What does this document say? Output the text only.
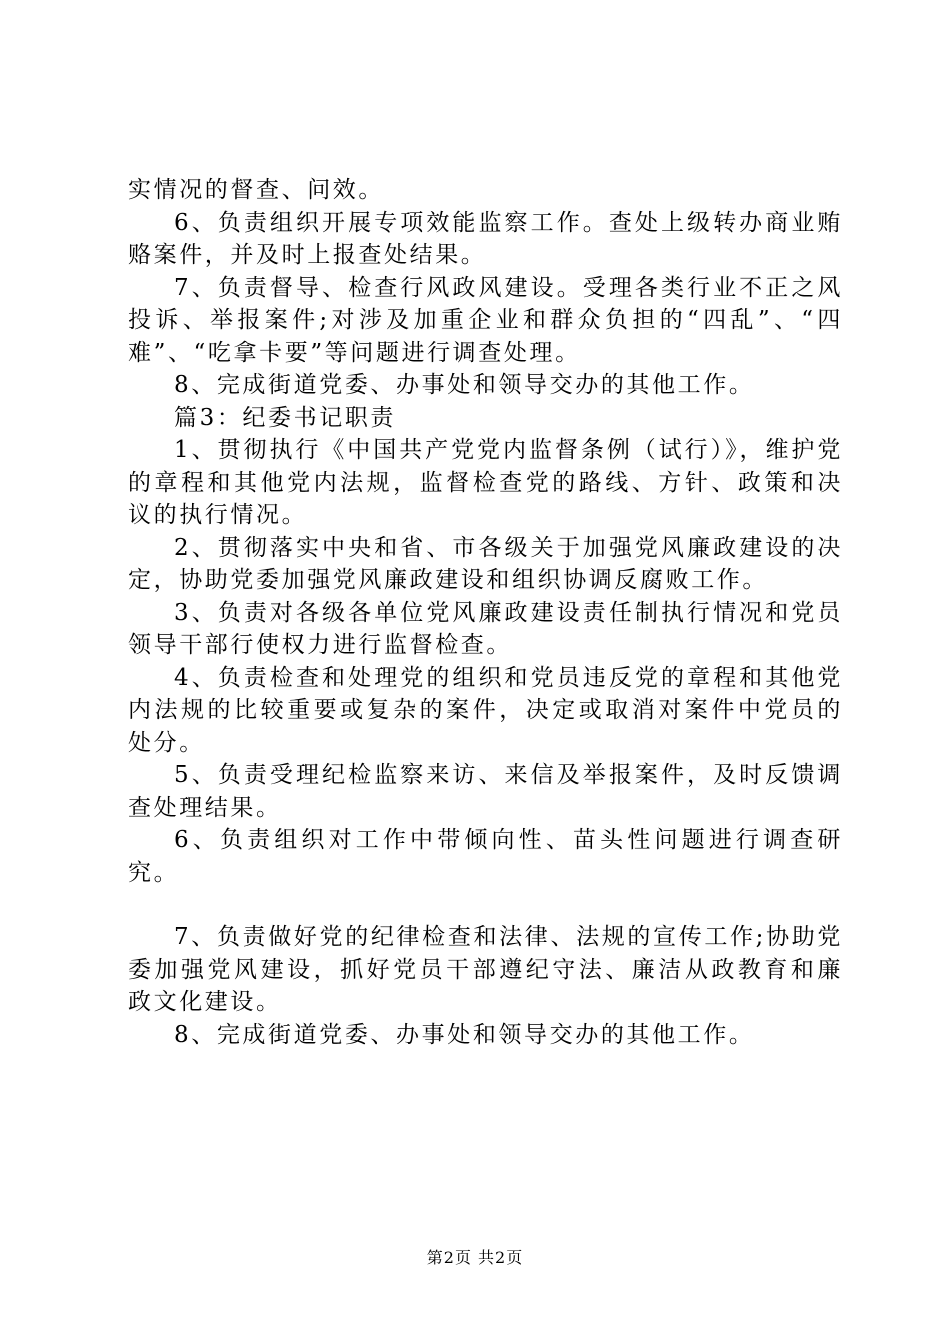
实情况的督查、问效。

6、负责组织开展专项效能监察工作。查处上级转办商业贿赂案件，并及时上报查处结果。

7、负责督导、检查行风政风建设。受理各类行业不正之风投诉、举报案件;对涉及加重企业和群众负担的“四乱”、“四难”、“吃拿卡要”等问题进行调查处理。

8、完成街道党委、办事处和领导交办的其他工作。

篇3：纪委书记职责

1、贯彻执行《中国共产党党内监督条例（试行）》，维护党的章程和其他党内法规，监督检查党的路线、方针、政策和决议的执行情况。

2、贯彻落实中央和省、市各级关于加强党风廉政建设的决定，协助党委加强党风廉政建设和组织协调反腐败工作。

3、负责对各级各单位党风廉政建设责任制执行情况和党员领导干部行使权力进行监督检查。

4、负责检查和处理党的组织和党员违反党的章程和其他党内法规的比较重要或复杂的案件，决定或取消对案件中党员的处分。

5、负责受理纪检监察来访、来信及举报案件，及时反馈调查处理结果。

6、负责组织对工作中带倾向性、苗头性问题进行调查研究。

7、负责做好党的纪律检查和法律、法规的宣传工作;协助党委加强党风建设，抓好党员干部遵纪守法、廉洁从政教育和廉政文化建设。

8、完成街道党委、办事处和领导交办的其他工作。

第2页 共2页
